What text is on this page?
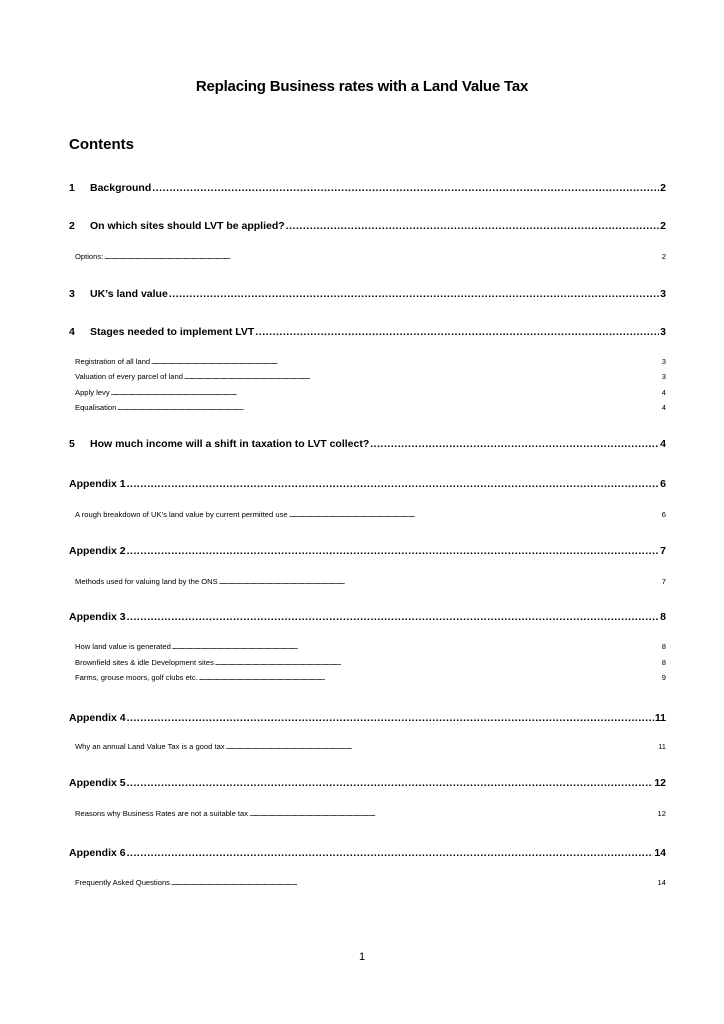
Replacing Business rates with a Land Value Tax
Contents
1	Background . . .	2
2	On which sites should LVT be applied? . . .	2
Options: . . .	2
3	UK’s land value . . .	3
4	Stages needed to implement LVT . . .	3
Registration of all land . . .	3
Valuation of every parcel of land . . .	3
Apply levy . . .	4
Equalisation . . .	4
5	How much income will a shift in taxation to LVT collect? . . .	4
Appendix 1 . . .	6
A rough breakdown of UK’s land value by current permitted use . . .	6
Appendix 2 . . .	7
Methods used for valuing land by the ONS . . .	7
Appendix 3 . . .	8
How land value is generated . . .	8
Brownfield sites & idle Development sites . . .	8
Farms, grouse moors, golf clubs etc. . . .	9
Appendix 4 . . .	11
Why an annual Land Value Tax is a good tax . . .	11
Appendix 5 . . .	12
Reasons why Business Rates are not a suitable tax . . .	12
Appendix 6 . . .	14
Frequently Asked Questions . . .	14
1
